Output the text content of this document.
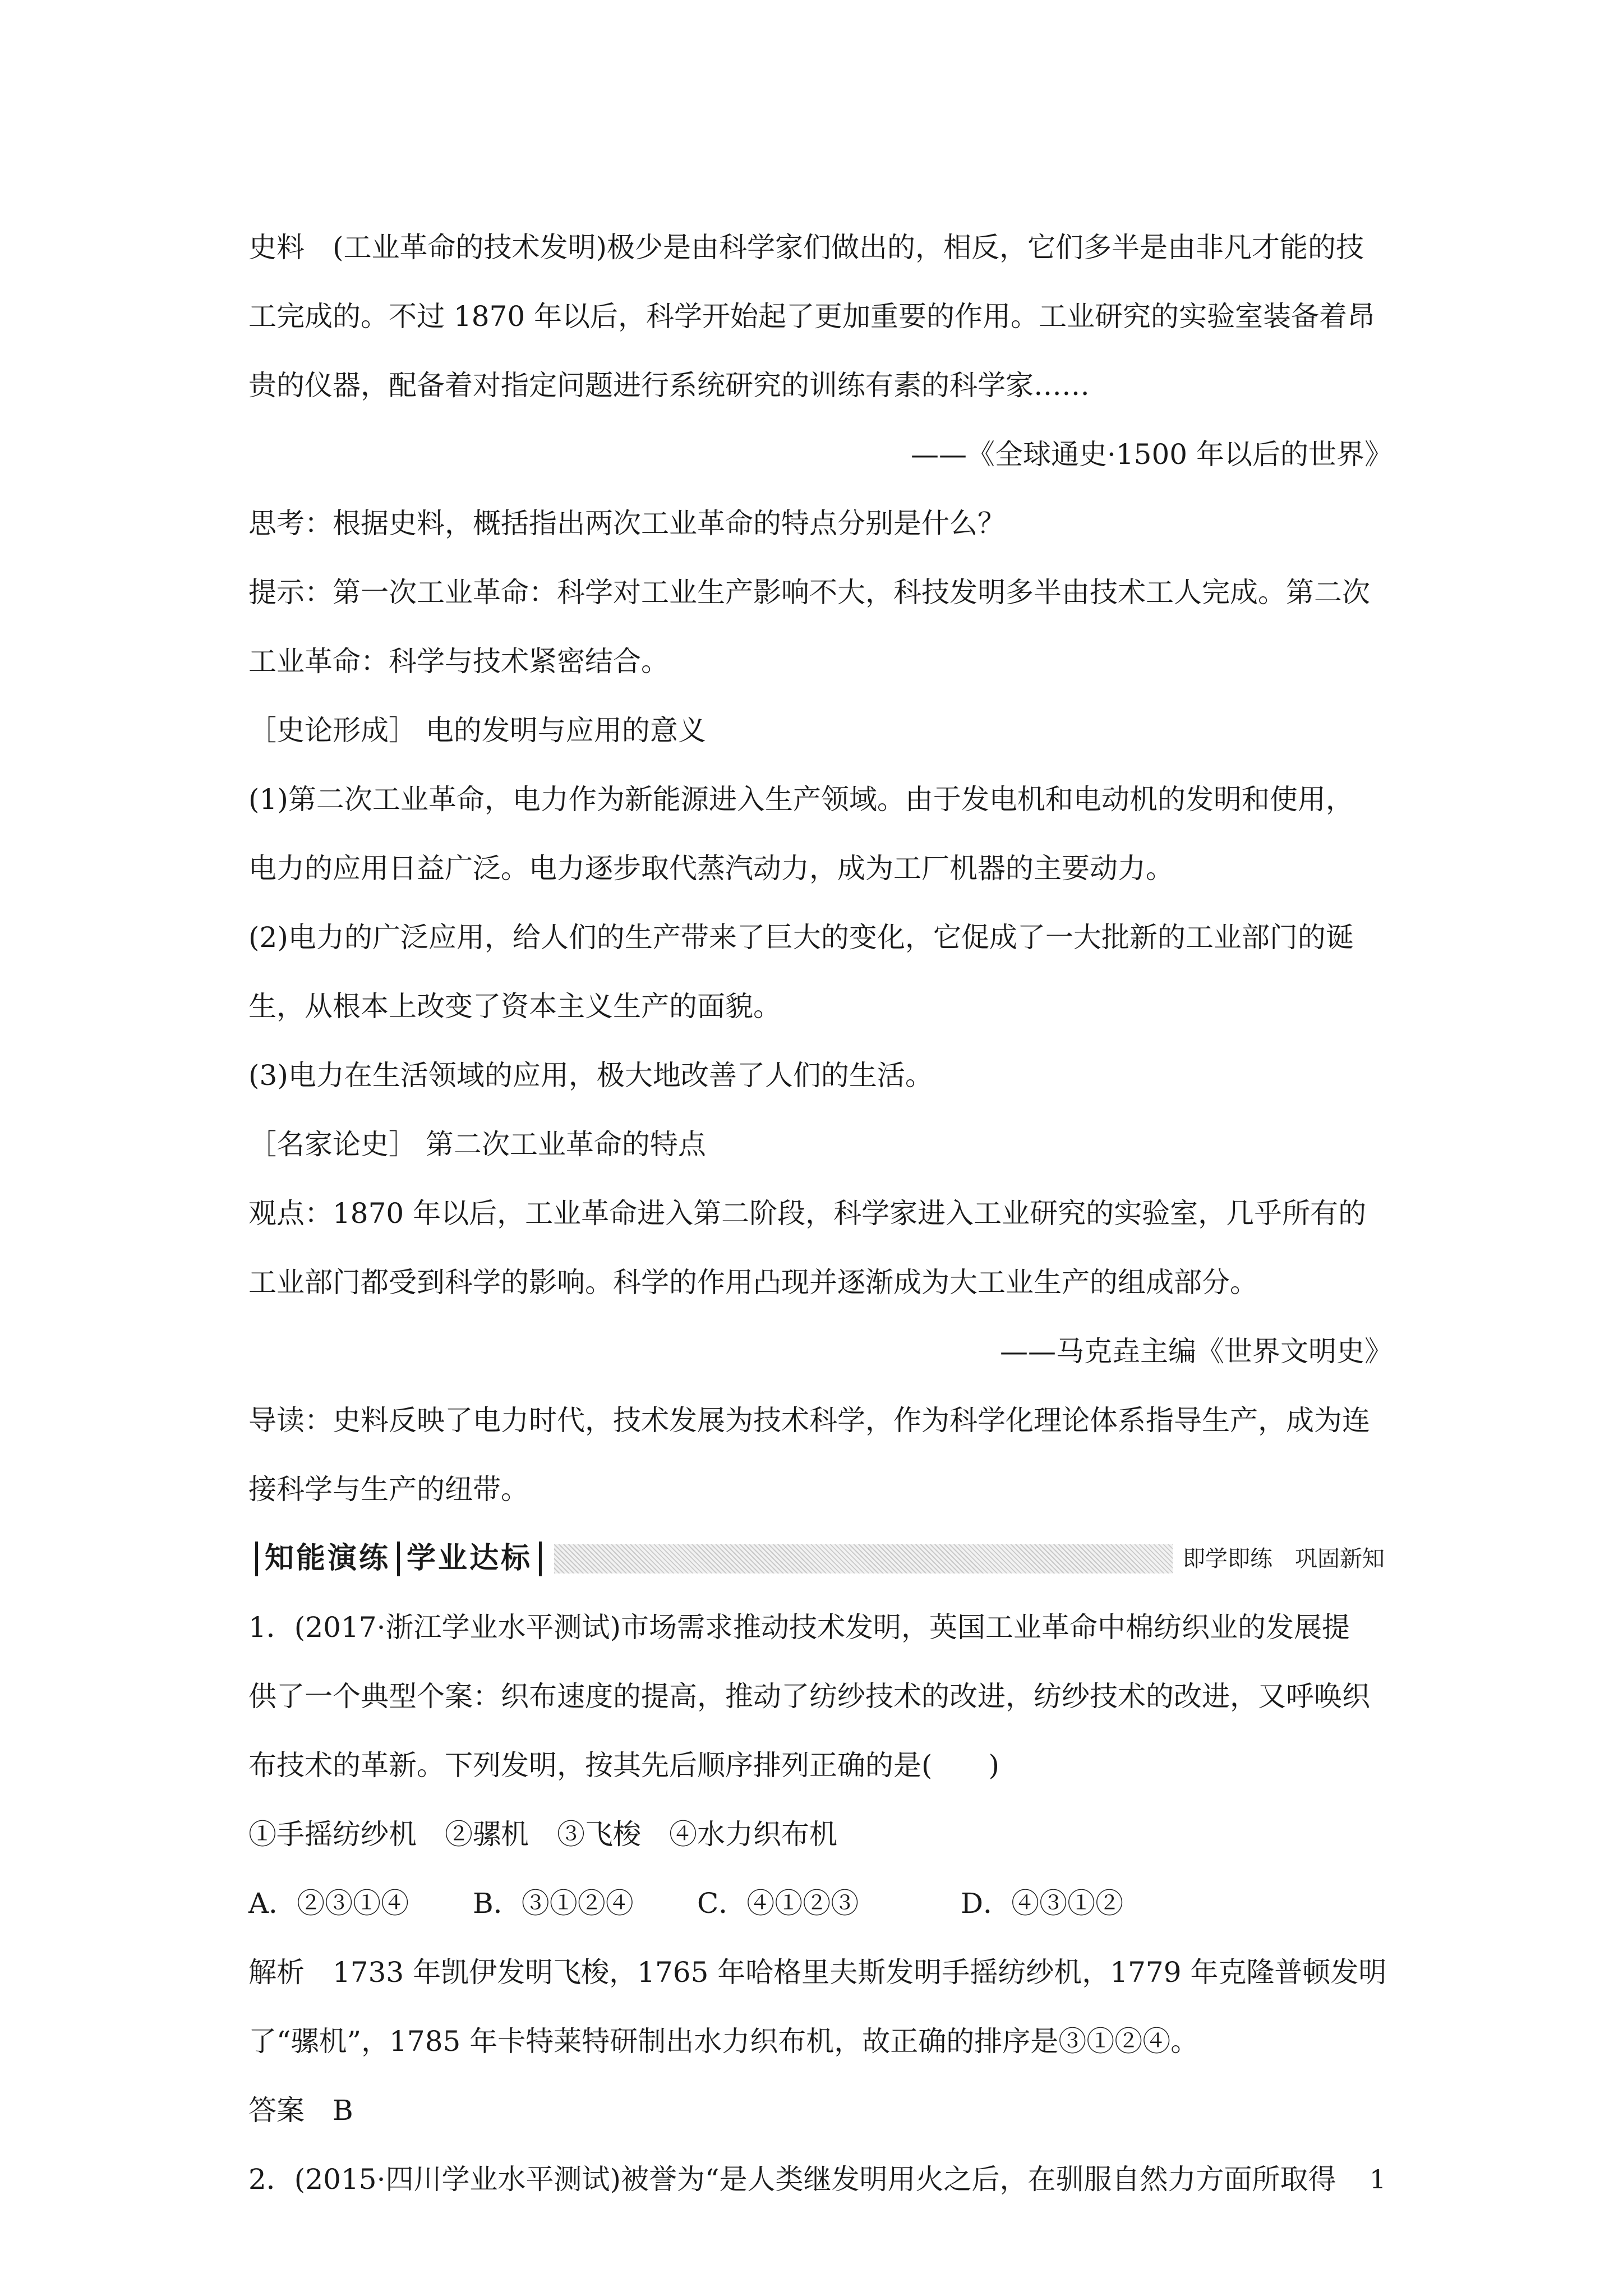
史料　(工业革命的技术发明)极少是由科学家们做出的，相反，它们多半是由非凡才能的技

工完成的。不过 1870 年以后，科学开始起了更加重要的作用。工业研究的实验室装备着昂

贵的仪器，配备着对指定问题进行系统研究的训练有素的科学家……

——《全球通史·1500 年以后的世界》

思考：根据史料，概括指出两次工业革命的特点分别是什么？

提示：第一次工业革命：科学对工业生产影响不大，科技发明多半由技术工人完成。第二次

工业革命：科学与技术紧密结合。

［史论形成］ 电的发明与应用的意义

(1)第二次工业革命，电力作为新能源进入生产领域。由于发电机和电动机的发明和使用，

电力的应用日益广泛。电力逐步取代蒸汽动力，成为工厂机器的主要动力。

(2)电力的广泛应用，给人们的生产带来了巨大的变化，它促成了一大批新的工业部门的诞

生，从根本上改变了资本主义生产的面貌。

(3)电力在生活领域的应用，极大地改善了人们的生活。

［名家论史］ 第二次工业革命的特点

观点：1870 年以后，工业革命进入第二阶段，科学家进入工业研究的实验室，几乎所有的

工业部门都受到科学的影响。科学的作用凸现并逐渐成为大工业生产的组成部分。

——马克垚主编《世界文明史》

导读：史料反映了电力时代，技术发展为技术科学，作为科学化理论体系指导生产，成为连

接科学与生产的纽带。

知能演练 学业达标	即学即练　巩固新知

1．(2017·浙江学业水平测试)市场需求推动技术发明，英国工业革命中棉纺织业的发展提

供了一个典型个案：织布速度的提高，推动了纺纱技术的改进，纺纱技术的改进，又呼唤织

布技术的革新。下列发明，按其先后顺序排列正确的是(　　)

①手摇纺纱机　②骡机　③飞梭　④水力织布机

A．②③①④	B．③①②④	C．④①②③	D．④③①②

解析　1733 年凯伊发明飞梭，1765 年哈格里夫斯发明手摇纺纱机，1779 年克隆普顿发明

了“骡机”，1785 年卡特莱特研制出水力织布机，故正确的排序是③①②④。

答案　B

2．(2015·四川学业水平测试)被誉为“是人类继发明用火之后，在驯服自然力方面所取得	1
